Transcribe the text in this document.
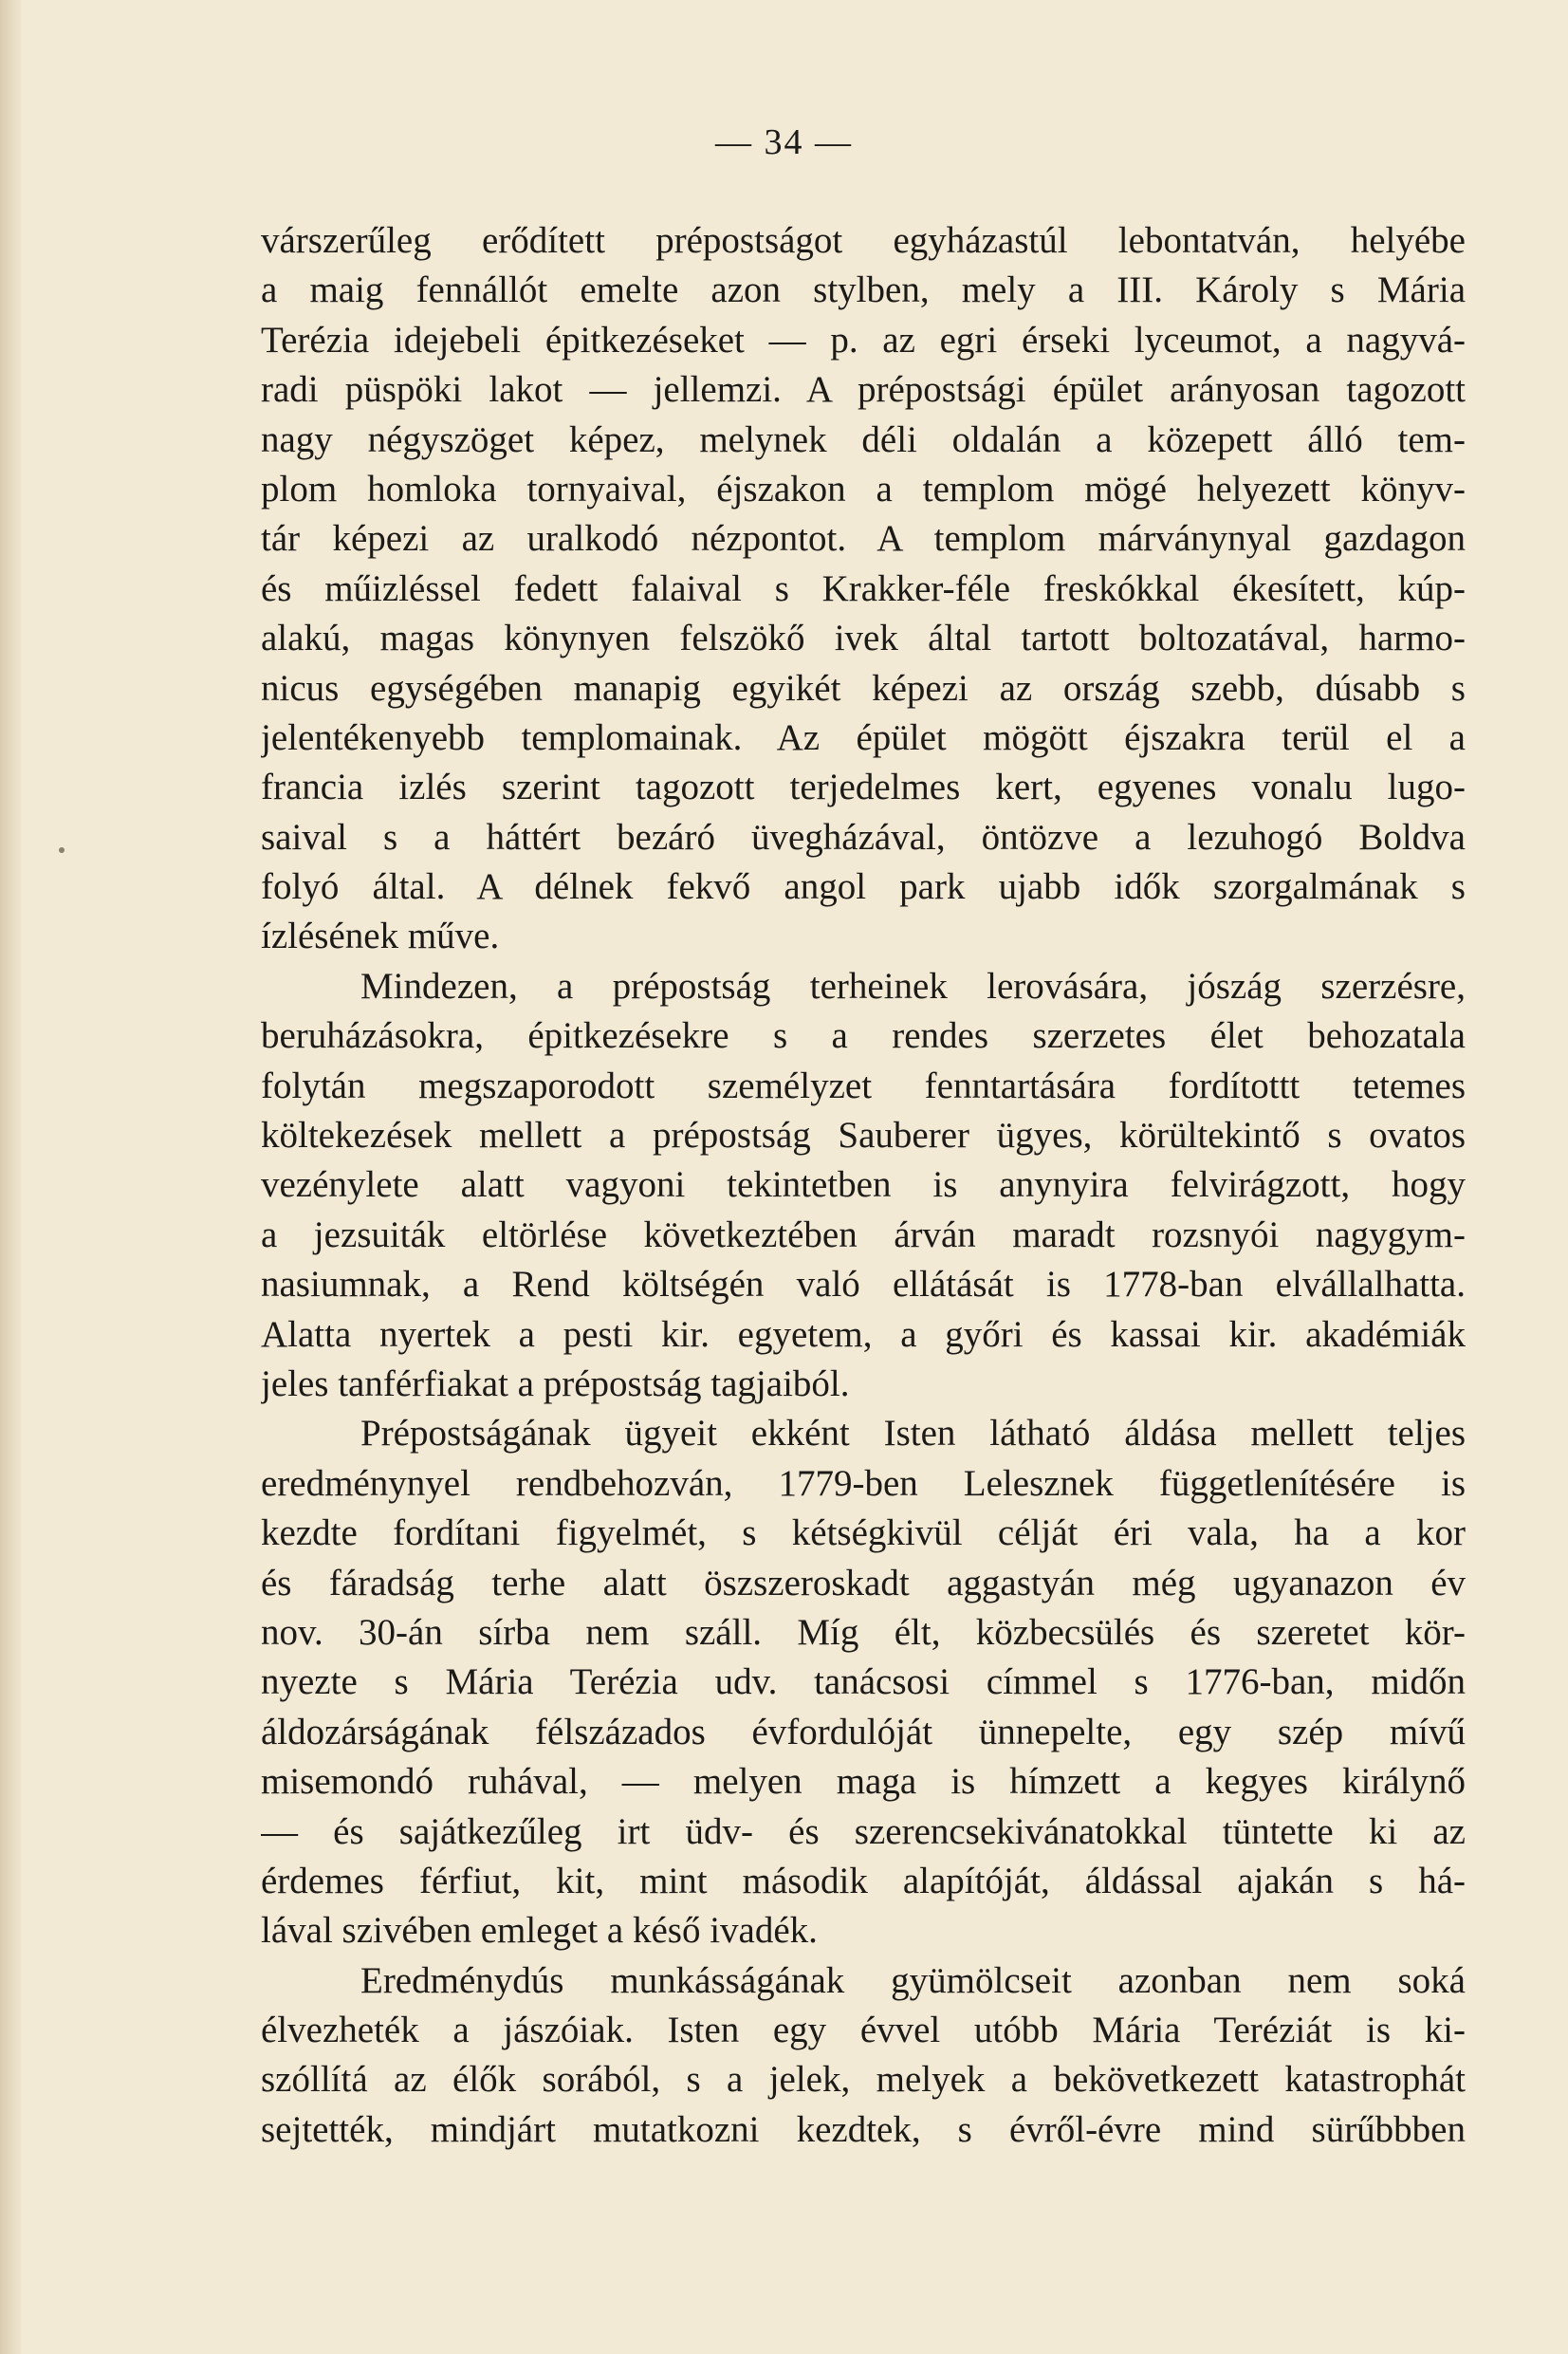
— 34 —
várszerűleg erődített prépostságot egyházastúl lebontatván, helyébe
a maig fennállót emelte azon stylben, mely a III. Károly s Mária
Terézia idejebeli épitkezéseket — p. az egri érseki lyceumot, a nagyvá-
radi püspöki lakot — jellemzi. A prépostsági épület arányosan tagozott
nagy négyszöget képez, melynek déli oldalán a közepett álló tem-
plom homloka tornyaival, éjszakon a templom mögé helyezett könyv-
tár képezi az uralkodó nézpontot. A templom márványnyal gazdagon
és műizléssel fedett falaival s Krakker-féle freskókkal ékesített, kúp-
alakú, magas könynyen felszökő ivek által tartott boltozatával, harmo-
nicus egységében manapig egyikét képezi az ország szebb, dúsabb s
jelentékenyebb templomainak. Az épület mögött éjszakra terül el a
francia izlés szerint tagozott terjedelmes kert, egyenes vonalu lugo-
saival s a háttért bezáró üvegházával, öntözve a lezuhogó Boldva
folyó által. A délnek fekvő angol park ujabb idők szorgalmának s
ízlésének műve.
Mindezen, a prépostság terheinek lerovására, jószág szerzésre,
beruházásokra, épitkezésekre s a rendes szerzetes élet behozatala
folytán megszaporodott személyzet fenntartására fordítottt tetemes
költekezések mellett a prépostság Sauberer ügyes, körültekintő s ovatos
vezénylete alatt vagyoni tekintetben is anynyira felvirágzott, hogy
a jezsuiták eltörlése következtében árván maradt rozsnyói nagygym-
nasiumnak, a Rend költségén való ellátását is 1778-ban elvállalhatta.
Alatta nyertek a pesti kir. egyetem, a győri és kassai kir. akadémiák
jeles tanférfiakat a prépostság tagjaiból.
Prépostságának ügyeit ekként Isten látható áldása mellett teljes
eredménynyel rendbehozván, 1779-ben Lelesznek függetlenítésére is
kezdte fordítani figyelmét, s kétségkivül célját éri vala, ha a kor
és fáradság terhe alatt öszszeroskadt aggastyán még ugyanazon év
nov. 30-án sírba nem száll. Míg élt, közbecsülés és szeretet kör-
nyezte s Mária Terézia udv. tanácsosi címmel s 1776-ban, midőn
áldozárságának félszázados évfordulóját ünnepelte, egy szép mívű
misemondó ruhával, — melyen maga is hímzett a kegyes királynő
— és sajátkezűleg irt üdv- és szerencsekivánatokkal tüntette ki az
érdemes férfiut, kit, mint második alapítóját, áldással ajakán s há-
lával szivében emleget a késő ivadék.
Eredménydús munkásságának gyümölcseit azonban nem soká
élvezheték a jászóiak. Isten egy évvel utóbb Mária Teréziát is ki-
szóllítá az élők sorából, s a jelek, melyek a bekövetkezett katastrophát
sejtették, mindjárt mutatkozni kezdtek, s évről-évre mind sürűbbben
